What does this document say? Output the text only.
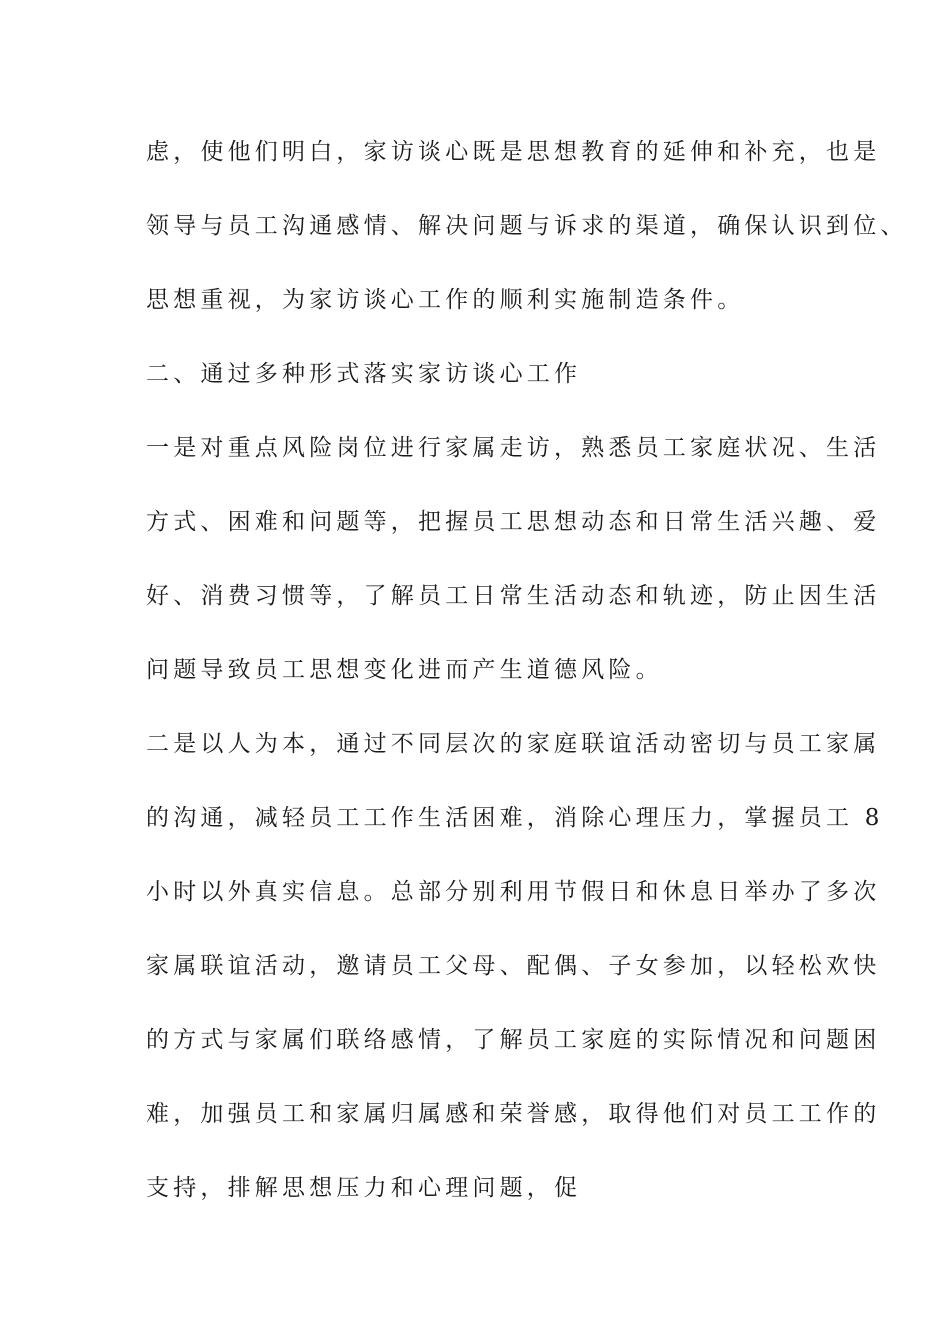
虑，使他们明白，家访谈心既是思想教育的延伸和补充，也是

领导与员工沟通感情、解决问题与诉求的渠道，确保认识到位、

思想重视，为家访谈心工作的顺利实施制造条件。

二、通过多种形式落实家访谈心工作

一是对重点风险岗位进行家属走访，熟悉员工家庭状况、生活

方式、困难和问题等，把握员工思想动态和日常生活兴趣、爱

好、消费习惯等，了解员工日常生活动态和轨迹，防止因生活

问题导致员工思想变化进而产生道德风险。

二是以人为本，通过不同层次的家庭联谊活动密切与员工家属

的沟通，减轻员工工作生活困难，消除心理压力，掌握员工 8

小时以外真实信息。总部分别利用节假日和休息日举办了多次

家属联谊活动，邀请员工父母、配偶、子女参加，以轻松欢快

的方式与家属们联络感情，了解员工家庭的实际情况和问题困

难，加强员工和家属归属感和荣誉感，取得他们对员工工作的

支持，排解思想压力和心理问题，促
